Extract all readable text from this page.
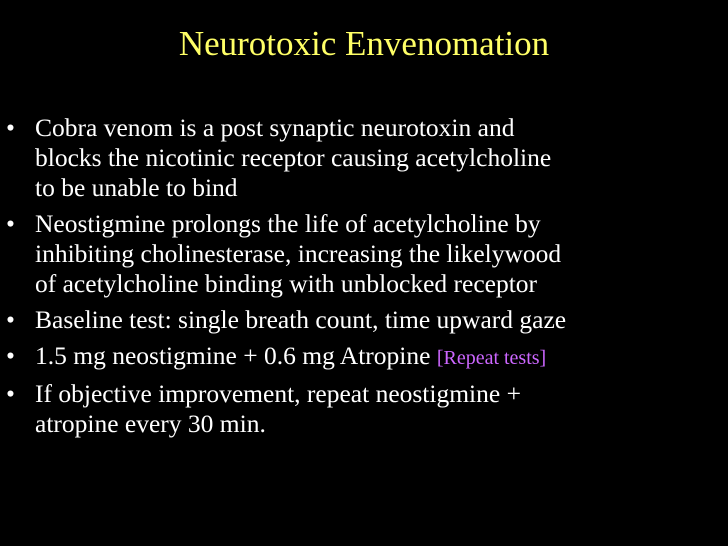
Neurotoxic Envenomation
• Cobra venom is a post synaptic neurotoxin and
blocks the nicotinic receptor causing acetylcholine
to be unable to bind
• Neostigmine prolongs the life of acetylcholine by
inhibiting cholinesterase, increasing the likelywood
of acetylcholine binding with unblocked receptor
• Baseline test: single breath count, time upward gaze
• 1.5 mg neostigmine + 0.6 mg Atropine [Repeat tests]
• If objective improvement, repeat neostigmine +
atropine every 30 min.
